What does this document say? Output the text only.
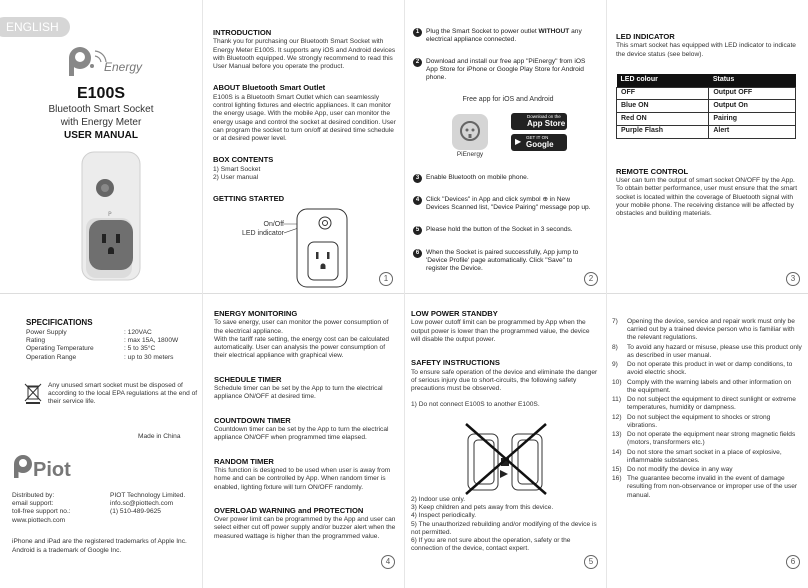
ENGLISH
Energy
E100S
Bluetooth Smart Socket
with Energy Meter
USER MANUAL
P
INTRODUCTION

Thank you for purchasing our Bluetooth Smart Socket with Energy Meter E100S. It supports any iOS and Android devices with Bluetooth equipped. We strongly recommend to read this User Manual before you operate the product.

ABOUT Bluetooth Smart Outlet

E100S is a Bluetooth Smart Outlet which can seamlessly control lighting fixtures and electric appliances. It can monitor the energy usage. With the mobile App, user can monitor the energy usage and control the socket at desired condition. User can program the socket to turn on/off at desired time schedule or at desired power level.

BOX CONTENTS

1) Smart Socket

2) User manual

GETTING STARTED
On/Off
LED indicator
1
1	Plug the Smart Socket to power outlet WITHOUT any electrical appliance connected.
2	Download and install our free app "PiEnergy" from iOS App Store for iPhone or Google Play Store for Android phone.
Free app for iOS and Android
PiEnergy
Download on the
App Store
▶ GET IT ON
Google Play
3	Enable Bluetooth on mobile phone.
4	Click "Devices" in App and click symbol ⊕ in New Devices Scanned list, "Device Pairing" message pop up.
5	Please hold the button of the Socket in 3 seconds.
6	When the Socket is paired successfully, App jump to 'Device Profile' page automatically. Click "Save" to register the Device.
2
LED INDICATOR

This smart socket has equipped with LED indicator to indicate the device status (see below).

LED colour	Status
OFF	Output OFF
Blue ON	Output On
Red ON	Pairing
Purple Flash	Alert
REMOTE CONTROL

User can turn the output of smart socket ON/OFF by the App. To obtain better performance, user must ensure that the smart socket is located within the coverage of Bluetooth signal with your mobile phone. The receiving distance will be affected by obstacles and building materials.

3
SPECIFICATIONS
Power Supply	: 120VAC
Rating	: max 15A, 1800W
Operating Temperature	: 5 to 35°C
Operation Range	: up to 30 meters
Any unused smart socket must be disposed of according to the local EPA regulations at the end of their service life.
Made in China
Piot
Distributed by:	PIOT Technology Limited.
email support:	info.sc@piottech.com
toll-free support no.:	(1) 510-489-9625
www.piottech.com
iPhone and iPad are the registered trademarks of Apple Inc.
Android is a trademark of Google Inc.
ENERGY MONITORING

To save energy, user can monitor the power consumption of the electrical appliance.
With the tariff rate setting, the energy cost can be calculated automatically. User can analysis the power consumption of their electrical appliance with graphical view.

SCHEDULE TIMER

Schedule timer can be set by the App to turn the electrical appliance ON/OFF at desired time.

COUNTDOWN TIMER

Countdown timer can be set by the App to turn the electrical appliance ON/OFF when programmed time elapsed.

RANDOM TIMER

This function is designed to be used when user is away from home and can be controlled by App. When random timer is enabled, lighting fixture will turn ON/OFF randomly.

OVERLOAD WARNING and PROTECTION

Over power limit can be programmed by the App and user can select either cut off power supply and/or buzzer alert when the measured wattage is higher than the programmed value.

4
LOW POWER STANDBY

Low power cutoff limit can be programmed by App when the output power is lower than the programmed value, the device will disable the output power.

SAFETY INSTRUCTIONS

To ensure safe operation of the device and eliminate the danger of serious injury due to short-circuits, the following safety precautions must be observed.

1) Do not connect E100S to another E100S.

2) Indoor use only.

3) Keep children and pets away from this device.

4) Inspect periodically.

5) The unauthorized rebuilding and/or modifying of the device is not permitted.

6) If you are not sure about the operation, safety or the connection of the device, contact expert.

5
7)	Opening the device, service and repair work must only be carried out by a trained device person who is familiar with the relevant regulations.
8)	To avoid any hazard or misuse, please use this product only as described in user manual.
9)	Do not operate this product in wet or damp conditions, to avoid electric shock.
10) Comply with the warning labels and other information on the equipment.
11) Do not subject the equipment to direct sunlight or extreme temperatures, humidity or dampness.
12) Do not subject the equipment to shocks or strong vibrations.
13) Do not operate the equipment near strong magnetic fields (motors, transformers etc.)
14) Do not store the smart socket in a place of explosive, inflammable substances.
15) Do not modify the device in any way
16) The guarantee become invalid in the event of damage resulting from non-observance or improper use of the user manual.
6
